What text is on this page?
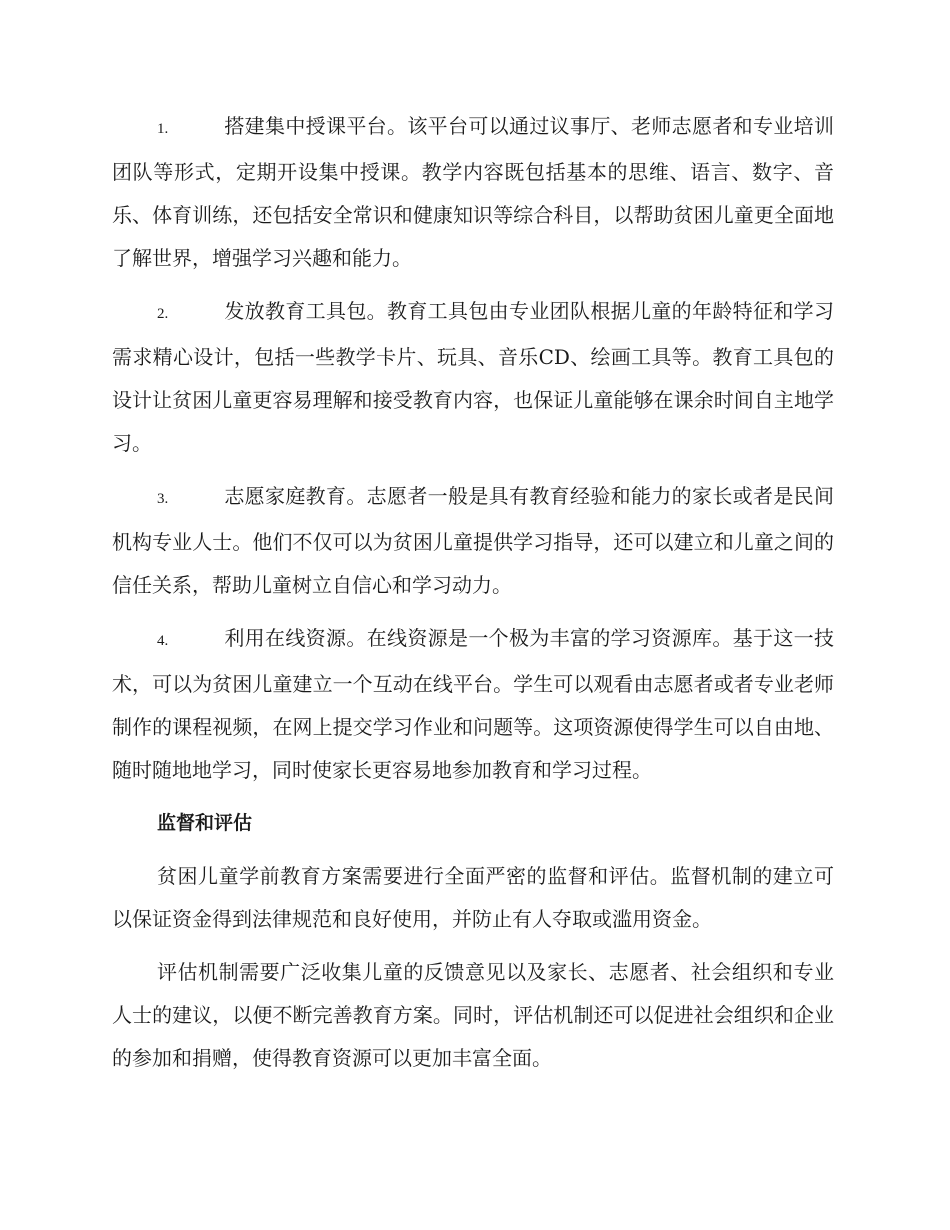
1.	搭建集中授课平台。该平台可以通过议事厅、老师志愿者和专业培训团队等形式，定期开设集中授课。教学内容既包括基本的思维、语言、数字、音乐、体育训练，还包括安全常识和健康知识等综合科目，以帮助贫困儿童更全面地了解世界，增强学习兴趣和能力。

2.	发放教育工具包。教育工具包由专业团队根据儿童的年龄特征和学习需求精心设计，包括一些教学卡片、玩具、音乐CD、绘画工具等。教育工具包的设计让贫困儿童更容易理解和接受教育内容，也保证儿童能够在课余时间自主地学习。

3.	志愿家庭教育。志愿者一般是具有教育经验和能力的家长或者是民间机构专业人士。他们不仅可以为贫困儿童提供学习指导，还可以建立和儿童之间的信任关系，帮助儿童树立自信心和学习动力。

4.	利用在线资源。在线资源是一个极为丰富的学习资源库。基于这一技术，可以为贫困儿童建立一个互动在线平台。学生可以观看由志愿者或者专业老师制作的课程视频，在网上提交学习作业和问题等。这项资源使得学生可以自由地、随时随地地学习，同时使家长更容易地参加教育和学习过程。

监督和评估

贫困儿童学前教育方案需要进行全面严密的监督和评估。监督机制的建立可以保证资金得到法律规范和良好使用，并防止有人夺取或滥用资金。

评估机制需要广泛收集儿童的反馈意见以及家长、志愿者、社会组织和专业人士的建议，以便不断完善教育方案。同时，评估机制还可以促进社会组织和企业的参加和捐赠，使得教育资源可以更加丰富全面。
